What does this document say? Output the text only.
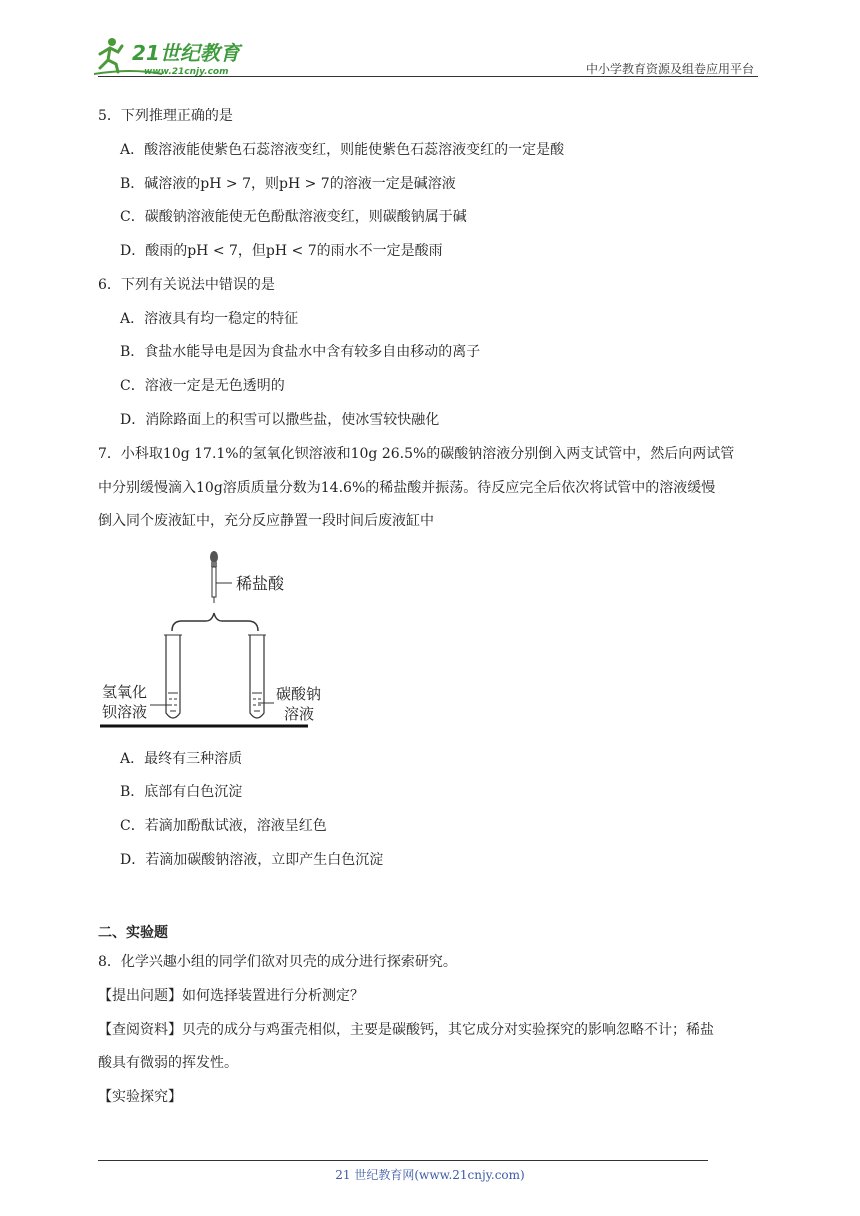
21世纪教育
www.21cnjy.com	中小学教育资源及组卷应用平台
5．下列推理正确的是
A．酸溶液能使紫色石蕊溶液变红，则能使紫色石蕊溶液变红的一定是酸
B．碱溶液的pH > 7，则pH > 7的溶液一定是碱溶液
C．碳酸钠溶液能使无色酚酞溶液变红，则碳酸钠属于碱
D．酸雨的pH < 7，但pH < 7的雨水不一定是酸雨
6．下列有关说法中错误的是
A．溶液具有均一稳定的特征
B．食盐水能导电是因为食盐水中含有较多自由移动的离子
C．溶液一定是无色透明的
D．消除路面上的积雪可以撒些盐，使冰雪较快融化
7．小科取10g 17.1%的氢氧化钡溶液和10g 26.5%的碳酸钠溶液分别倒入两支试管中，然后向两试管
中分别缓慢滴入10g溶质质量分数为14.6%的稀盐酸并振荡。待反应完全后依次将试管中的溶液缓慢
倒入同个废液缸中，充分反应静置一段时间后废液缸中
稀盐酸
氢氧化
钡溶液
碳酸钠
溶液
A．最终有三种溶质
B．底部有白色沉淀
C．若滴加酚酞试液，溶液呈红色
D．若滴加碳酸钠溶液，立即产生白色沉淀
二、实验题
8．化学兴趣小组的同学们欲对贝壳的成分进行探索研究。
【提出问题】如何选择装置进行分析测定？
【查阅资料】贝壳的成分与鸡蛋壳相似，主要是碳酸钙，其它成分对实验探究的影响忽略不计；稀盐
酸具有微弱的挥发性。
【实验探究】
21 世纪教育网(www.21cnjy.com)
